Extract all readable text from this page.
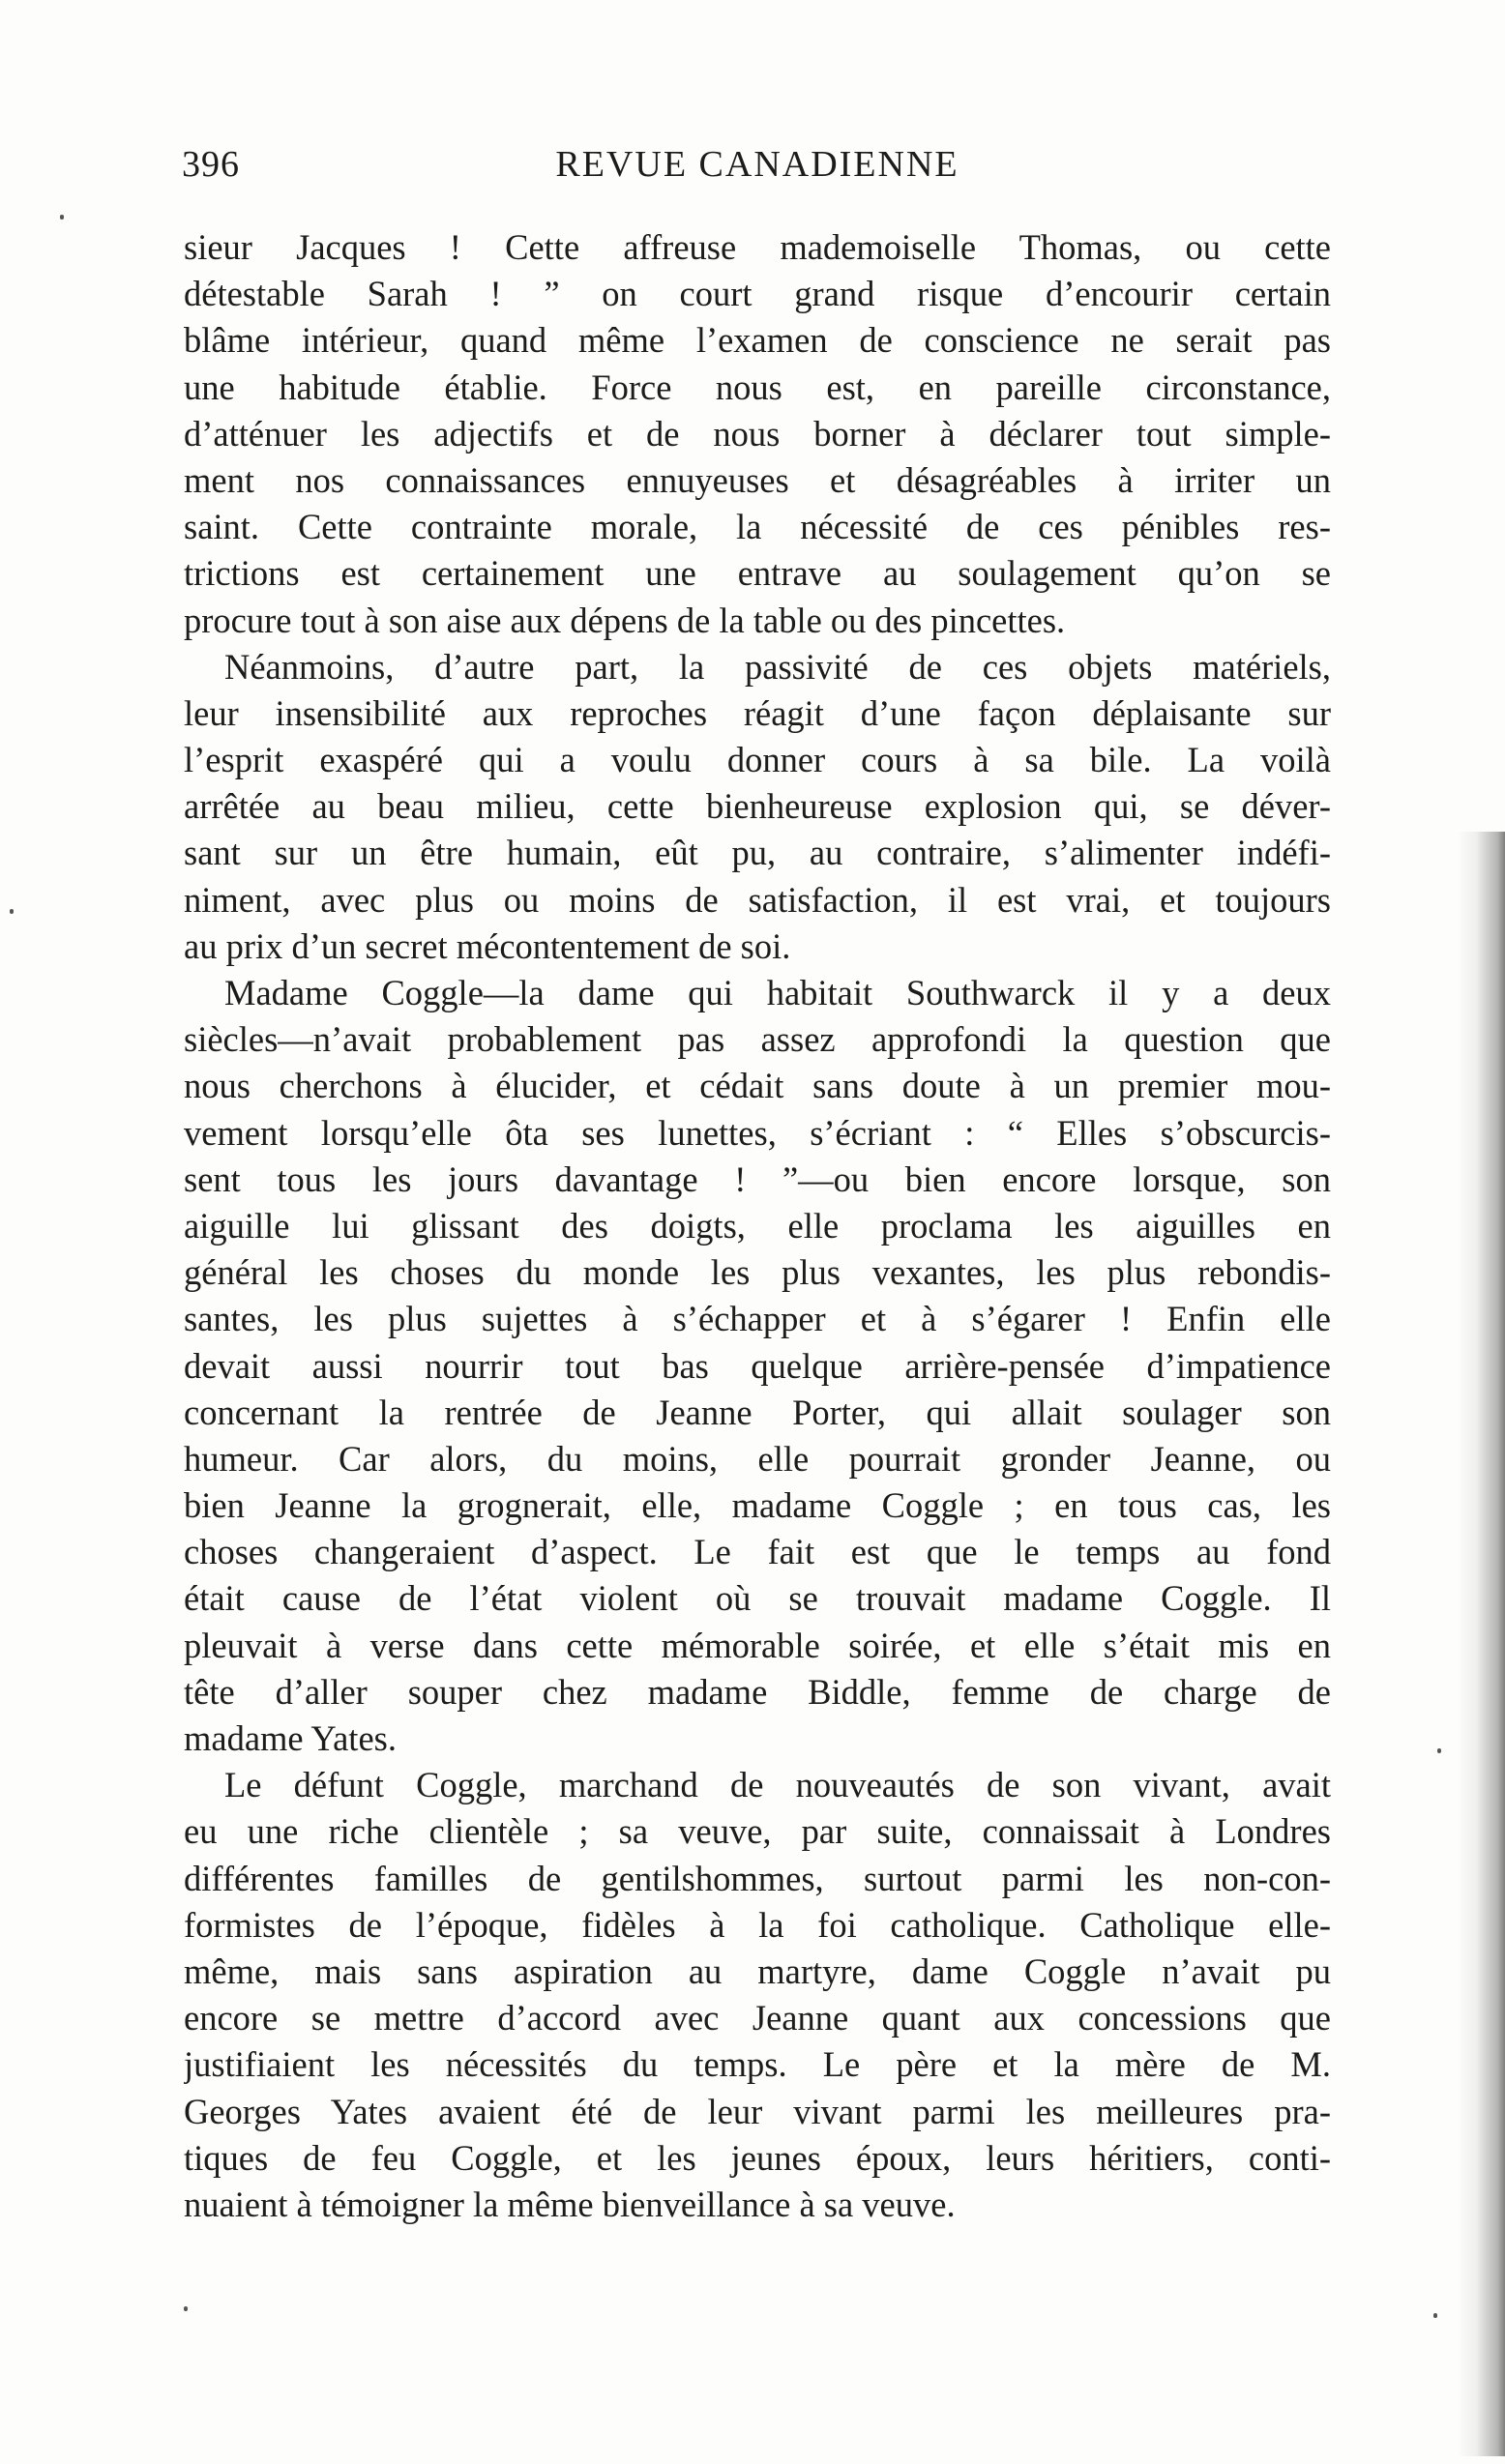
396	REVUE CANADIENNE
sieur Jacques ! Cette affreuse mademoiselle Thomas, ou cette
détestable Sarah ! ” on court grand risque d’encourir certain
blâme intérieur, quand même l’examen de conscience ne serait pas
une habitude établie. Force nous est, en pareille circonstance,
d’atténuer les adjectifs et de nous borner à déclarer tout simple-
ment nos connaissances ennuyeuses et désagréables à irriter un
saint. Cette contrainte morale, la nécessité de ces pénibles res-
trictions est certainement une entrave au soulagement qu’on se
procure tout à son aise aux dépens de la table ou des pincettes.
Néanmoins, d’autre part, la passivité de ces objets matériels,
leur insensibilité aux reproches réagit d’une façon déplaisante sur
l’esprit exaspéré qui a voulu donner cours à sa bile. La voilà
arrêtée au beau milieu, cette bienheureuse explosion qui, se déver-
sant sur un être humain, eût pu, au contraire, s’alimenter indéfi-
niment, avec plus ou moins de satisfaction, il est vrai, et toujours
au prix d’un secret mécontentement de soi.
Madame Coggle—la dame qui habitait Southwarck il y a deux
siècles—n’avait probablement pas assez approfondi la question que
nous cherchons à élucider, et cédait sans doute à un premier mou-
vement lorsqu’elle ôta ses lunettes, s’écriant : “ Elles s’obscurcis-
sent tous les jours davantage ! ”—ou bien encore lorsque, son
aiguille lui glissant des doigts, elle proclama les aiguilles en
général les choses du monde les plus vexantes, les plus rebondis-
santes, les plus sujettes à s’échapper et à s’égarer ! Enfin elle
devait aussi nourrir tout bas quelque arrière-pensée d’impatience
concernant la rentrée de Jeanne Porter, qui allait soulager son
humeur. Car alors, du moins, elle pourrait gronder Jeanne, ou
bien Jeanne la grognerait, elle, madame Coggle ; en tous cas, les
choses changeraient d’aspect. Le fait est que le temps au fond
était cause de l’état violent où se trouvait madame Coggle. Il
pleuvait à verse dans cette mémorable soirée, et elle s’était mis en
tête d’aller souper chez madame Biddle, femme de charge de
madame Yates.
Le défunt Coggle, marchand de nouveautés de son vivant, avait
eu une riche clientèle ; sa veuve, par suite, connaissait à Londres
différentes familles de gentilshommes, surtout parmi les non-con-
formistes de l’époque, fidèles à la foi catholique. Catholique elle-
même, mais sans aspiration au martyre, dame Coggle n’avait pu
encore se mettre d’accord avec Jeanne quant aux concessions que
justifiaient les nécessités du temps. Le père et la mère de M.
Georges Yates avaient été de leur vivant parmi les meilleures pra-
tiques de feu Coggle, et les jeunes époux, leurs héritiers, conti-
nuaient à témoigner la même bienveillance à sa veuve.
